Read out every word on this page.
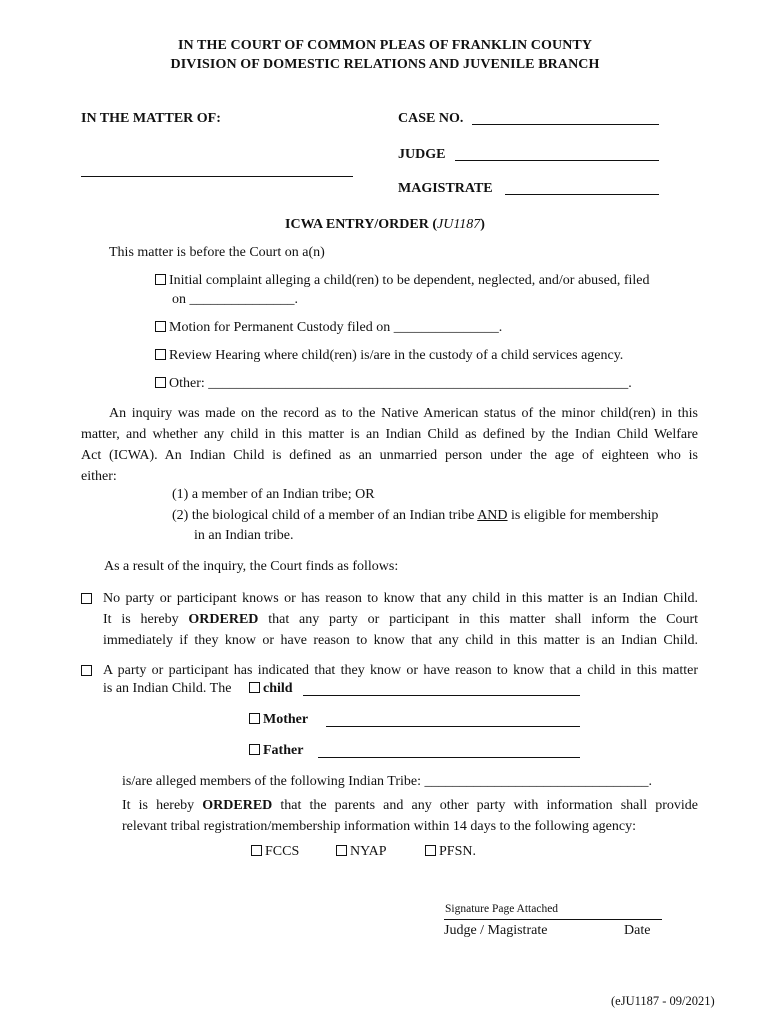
IN THE COURT OF COMMON PLEAS OF FRANKLIN COUNTY
DIVISION OF DOMESTIC RELATIONS AND JUVENILE BRANCH
IN THE MATTER OF:	CASE NO.
JUDGE
MAGISTRATE
ICWA ENTRY/ORDER (JU1187)
This matter is before the Court on a(n)
Initial complaint alleging a child(ren) to be dependent, neglected, and/or abused, filed
on _______________.
Motion for Permanent Custody filed on _______________.
Review Hearing where child(ren) is/are in the custody of a child services agency.
Other: ____________________________________________________________.
An inquiry was made on the record as to the Native American status of the minor child(ren) in this
matter, and whether any child in this matter is an Indian Child as defined by the Indian Child Welfare
Act (ICWA). An Indian Child is defined as an unmarried person under the age of eighteen who is
either:
(1) a member of an Indian tribe; OR
(2) the biological child of a member of an Indian tribe AND is eligible for membership
in an Indian tribe.
As a result of the inquiry, the Court finds as follows:
No party or participant knows or has reason to know that any child in this matter is an Indian Child.
It is hereby ORDERED that any party or participant in this matter shall inform the Court
immediately if they know or have reason to know that any child in this matter is an Indian Child.
A party or participant has indicated that they know or have reason to know that a child in this matter
is an Indian Child. The	child
Mother
Father
is/are alleged members of the following Indian Tribe: ________________________________.
It is hereby ORDERED that the parents and any other party with information shall provide
relevant tribal registration/membership information within 14 days to the following agency:
FCCS	NYAP	PFSN.
Signature Page Attached
Judge / Magistrate	Date
(eJU1187 - 09/2021)
